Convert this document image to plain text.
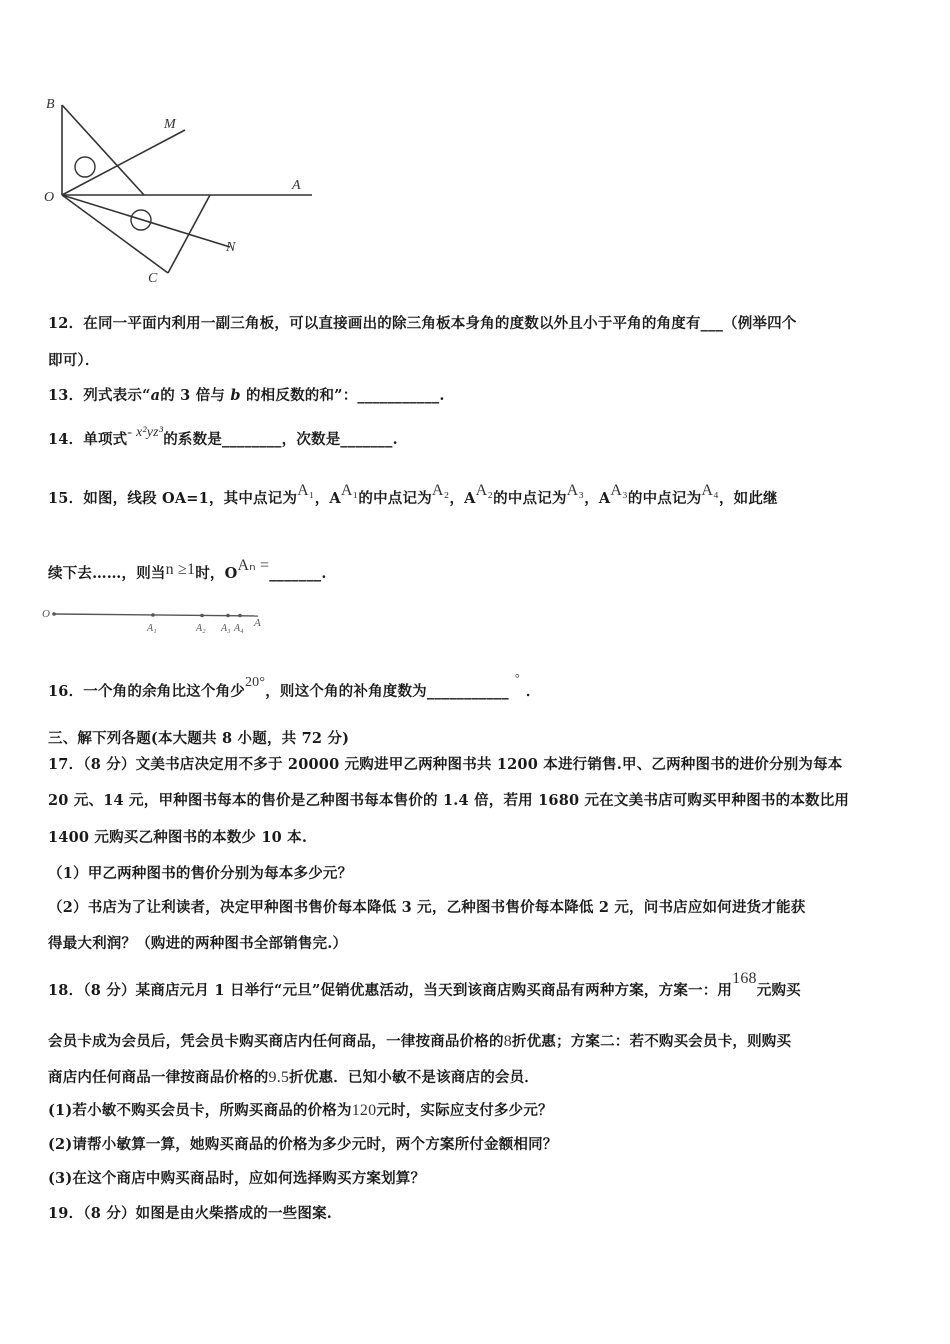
B
M
O
A
N
C
12．在同一平面内利用一副三角板，可以直接画出的除三角板本身角的度数以外且小于平角的角度有___（例举四个
即可）．
13．列式表示“a的 3 倍与 b 的相反数的和”：___________.
14．单项式- x²yz³的系数是________，次数是_______.
15．如图，线段 OA=1，其中点记为A₁，AA₁的中点记为A₂，AA₂的中点记为A₃，AA₃的中点记为A₄，如此继
续下去……，则当n ≥1时，OAₙ =_______.
O
A₁	A₂ A₃ A₄ A
16．一个角的余角比这个角少20°，则这个角的补角度数为___________°．
三、解下列各题(本大题共 8 小题，共 72 分)
17．（8 分）文美书店决定用不多于 20000 元购进甲乙两种图书共 1200 本进行销售.甲、乙两种图书的进价分别为每本
20 元、14 元，甲种图书每本的售价是乙种图书每本售价的 1.4 倍，若用 1680 元在文美书店可购买甲种图书的本数比用
1400 元购买乙种图书的本数少 10 本.
（1）甲乙两种图书的售价分别为每本多少元？
（2）书店为了让利读者，决定甲种图书售价每本降低 3 元，乙种图书售价每本降低 2 元，问书店应如何进货才能获
得最大利润？（购进的两种图书全部销售完.）
18．（8 分）某商店元月 1 日举行“元旦”促销优惠活动，当天到该商店购买商品有两种方案，方案一：用168元购买
会员卡成为会员后，凭会员卡购买商店内任何商品，一律按商品价格的8折优惠；方案二：若不购买会员卡，则购买
商店内任何商品一律按商品价格的9.5折优惠．已知小敏不是该商店的会员．
(1)若小敏不购买会员卡，所购买商品的价格为120元时，实际应支付多少元？
(2)请帮小敏算一算，她购买商品的价格为多少元时，两个方案所付金额相同？
(3)在这个商店中购买商品时，应如何选择购买方案划算？
19．（8 分）如图是由火柴搭成的一些图案.
